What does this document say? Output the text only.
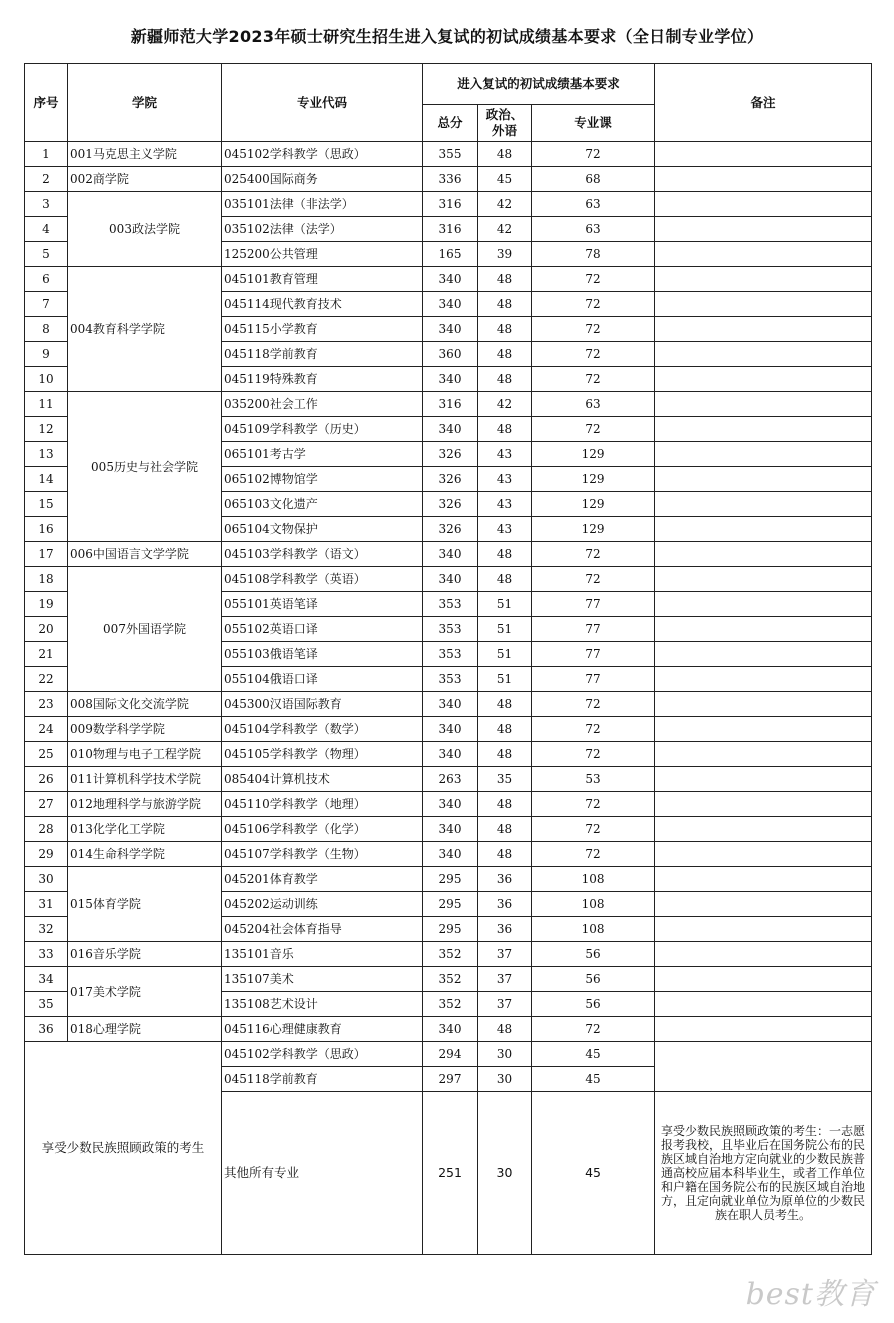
新疆师范大学2023年硕士研究生招生进入复试的初试成绩基本要求（全日制专业学位）
序号	学院	专业代码	进入复试的初试成绩基本要求			备注
			总分	政治、外语	专业课	
1	001马克思主义学院	045102学科教学（思政）	355	48	72	
2	002商学院	025400国际商务	336	45	68	
3	003政法学院	035101法律（非法学）	316	42	63	
4		035102法律（法学）	316	42	63	
5		125200公共管理	165	39	78	
6	004教育科学学院	045101教育管理	340	48	72	
7		045114现代教育技术	340	48	72	
8		045115小学教育	340	48	72	
9		045118学前教育	360	48	72	
10		045119特殊教育	340	48	72	
11	005历史与社会学院	035200社会工作	316	42	63	
12		045109学科教学（历史）	340	48	72	
13		065101考古学	326	43	129	
14		065102博物馆学	326	43	129	
15		065103文化遗产	326	43	129	
16		065104文物保护	326	43	129	
17	006中国语言文学学院	045103学科教学（语文）	340	48	72	
18	007外国语学院	045108学科教学（英语）	340	48	72	
19		055101英语笔译	353	51	77	
20		055102英语口译	353	51	77	
21		055103俄语笔译	353	51	77	
22		055104俄语口译	353	51	77	
23	008国际文化交流学院	045300汉语国际教育	340	48	72	
24	009数学科学学院	045104学科教学（数学）	340	48	72	
25	010物理与电子工程学院	045105学科教学（物理）	340	48	72	
26	011计算机科学技术学院	085404计算机技术	263	35	53	
27	012地理科学与旅游学院	045110学科教学（地理）	340	48	72	
28	013化学化工学院	045106学科教学（化学）	340	48	72	
29	014生命科学学院	045107学科教学（生物）	340	48	72	
30	015体育学院	045201体育教学	295	36	108	
31		045202运动训练	295	36	108	
32		045204社会体育指导	295	36	108	
33	016音乐学院	135101音乐	352	37	56	
34	017美术学院	135107美术	352	37	56	
35		135108艺术设计	352	37	56	
36	018心理学院	045116心理健康教育	340	48	72	
享受少数民族照顾政策的考生		045102学科教学（思政）	294	30	45	
		045118学前教育	297	30	45	
		其他所有专业	251	30	45	享受少数民族照顾政策的考生：一志愿报考我校，且毕业后在国务院公布的民族区域自治地方定向就业的少数民族普通高校应届本科毕业生，或者工作单位和户籍在国务院公布的民族区域自治地方，且定向就业单位为原单位的少数民族在职人员考生。
best教育
